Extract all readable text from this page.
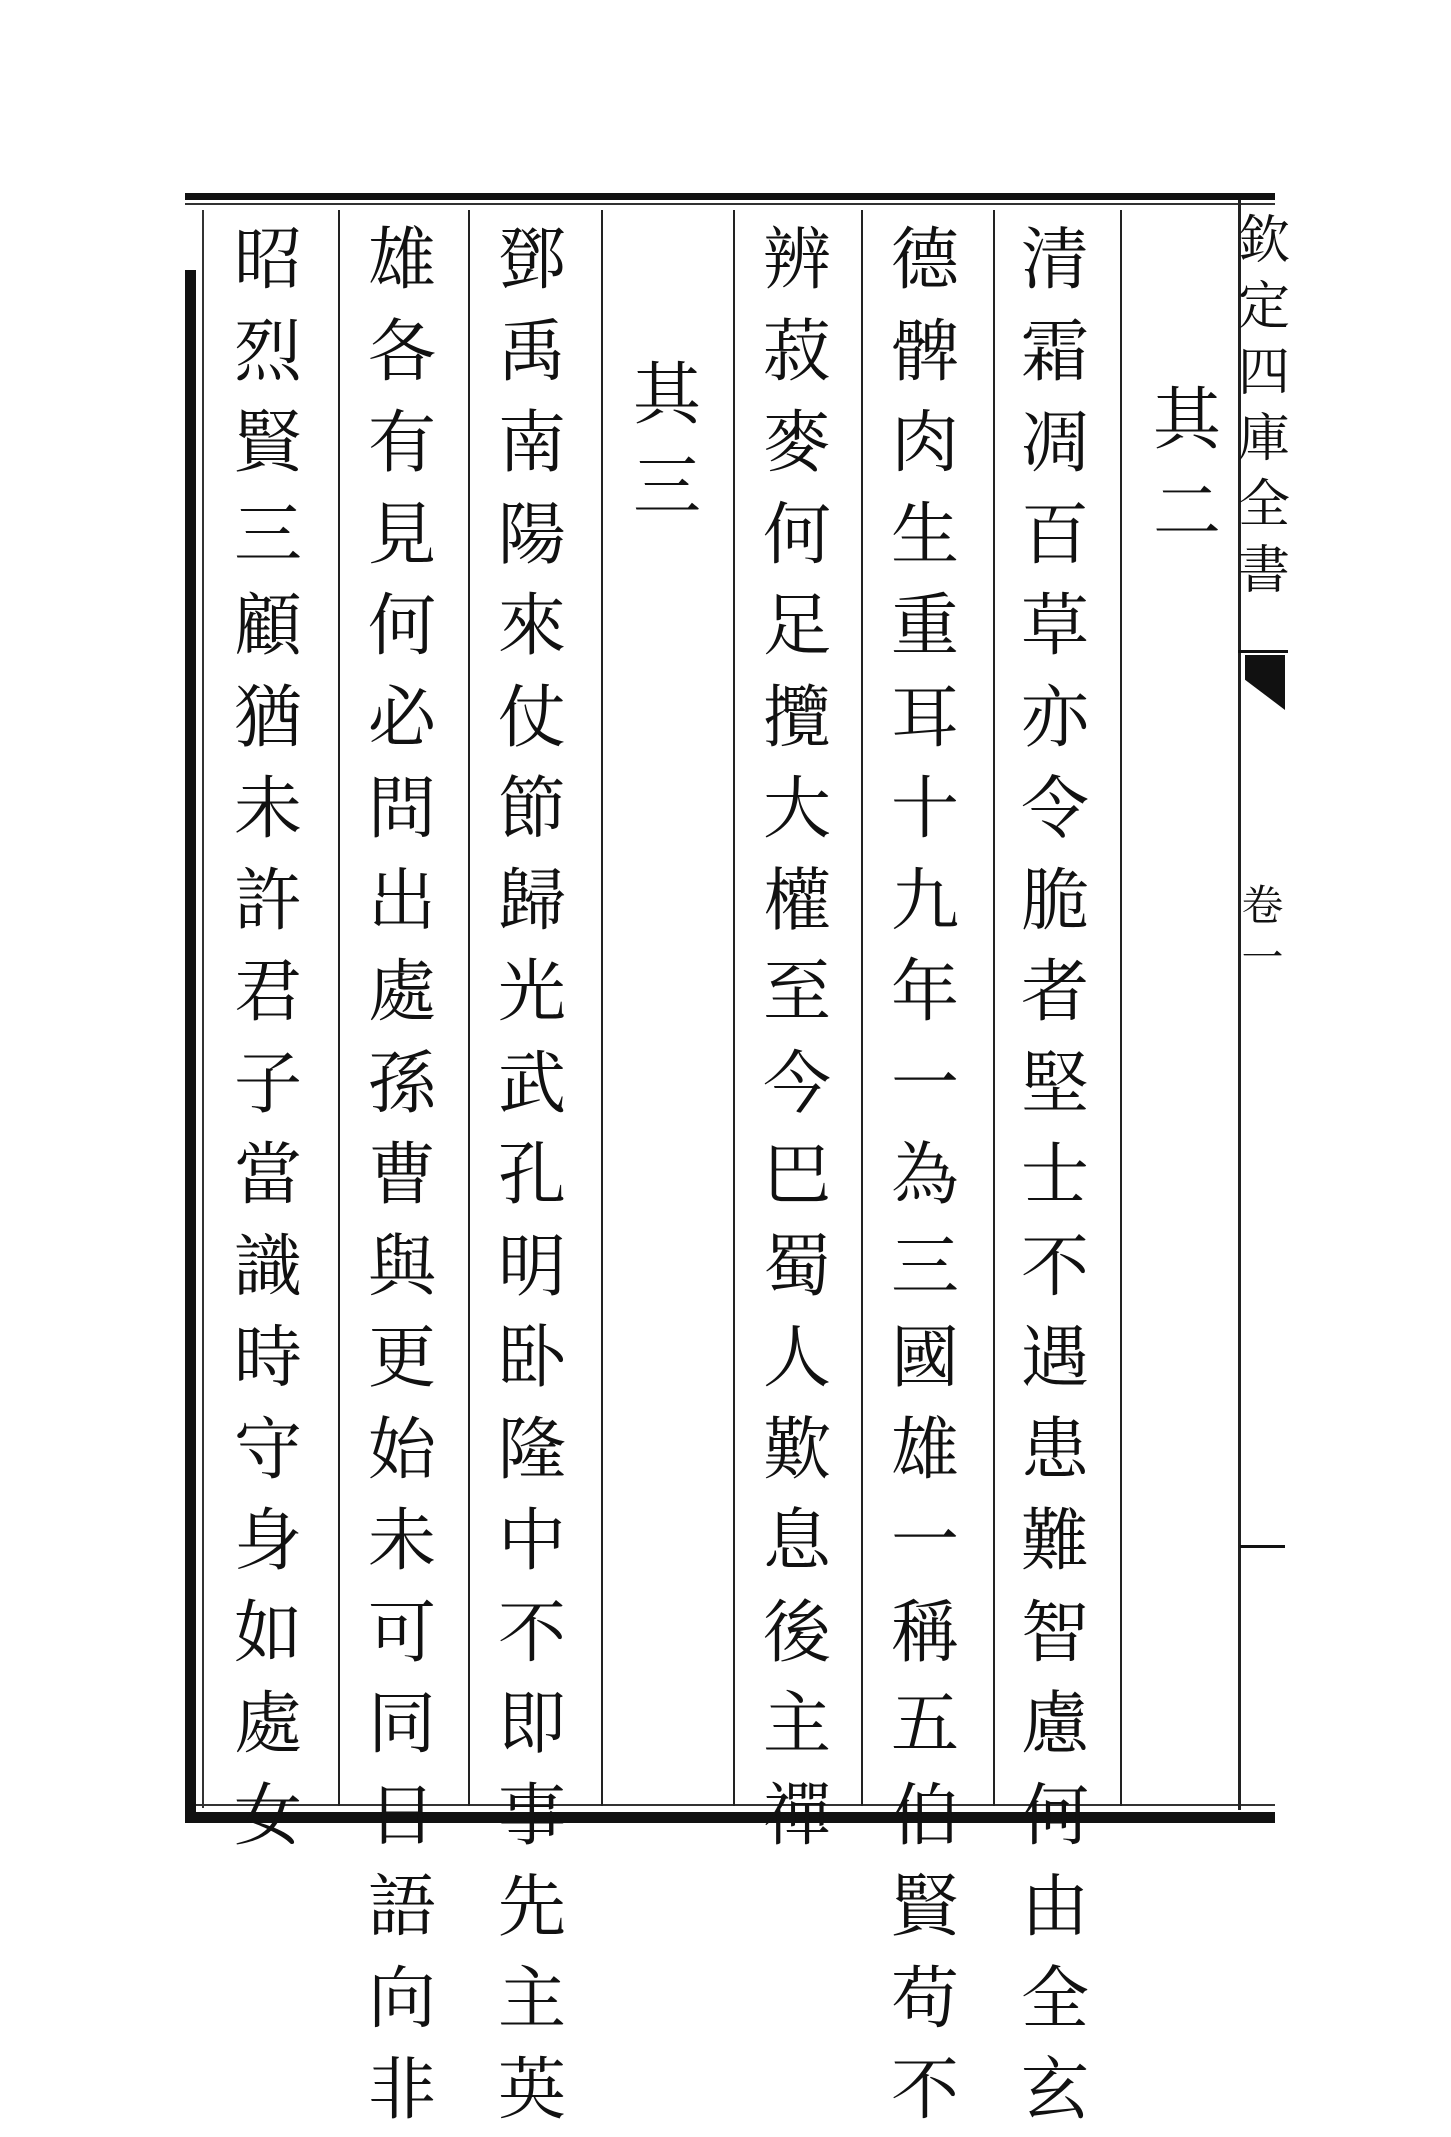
其二
其三
清
霜
凋
百
草
亦
令
脆
者
堅
士
不
遇
患
難
智
慮
何
由
全
玄
德
髀
肉
生
重
耳
十
九
年
一
為
三
國
雄
一
稱
五
伯
賢
苟
不
辨
菽
麥
何
足
攬
大
權
至
今
巴
蜀
人
歎
息
後
主
禪
鄧
禹
南
陽
來
仗
節
歸
光
武
孔
明
卧
隆
中
不
即
事
先
主
英
雄
各
有
見
何
必
問
出
處
孫
曹
與
更
始
未
可
同
日
語
向
非
昭
烈
賢
三
顧
猶
未
許
君
子
當
識
時
守
身
如
處
女
欽定四庫全書
卷一
